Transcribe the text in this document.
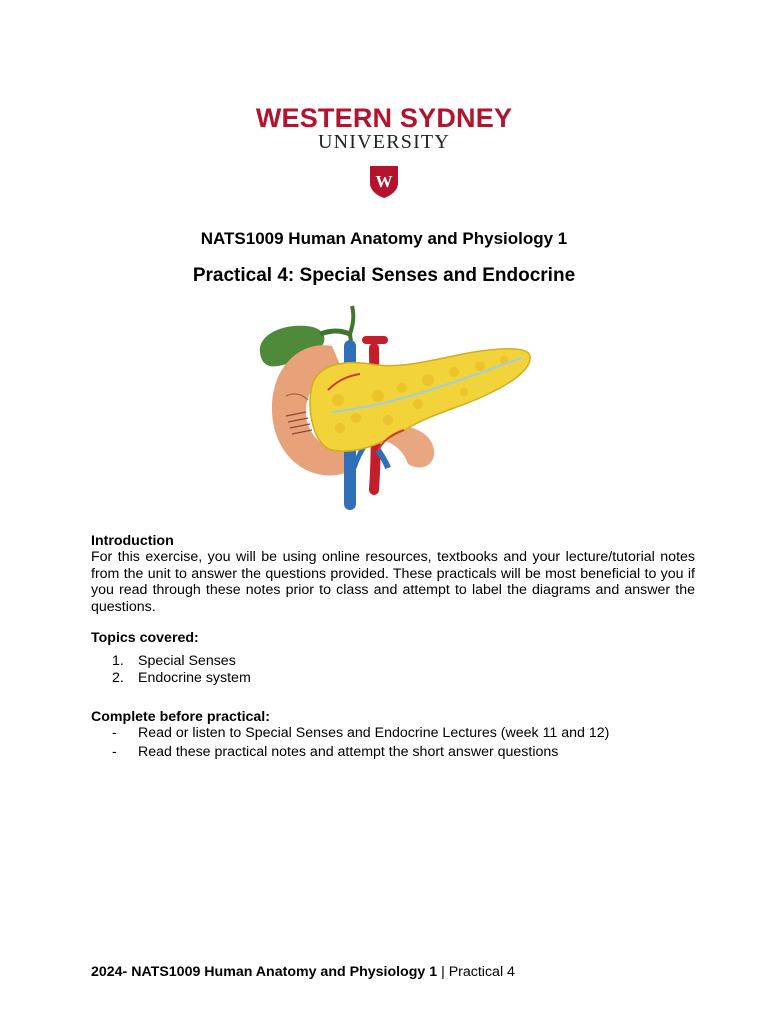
WESTERN SYDNEY
UNIVERSITY
W
NATS1009 Human Anatomy and Physiology 1
Practical 4: Special Senses and Endocrine
Introduction
For this exercise, you will be using online resources, textbooks and your lecture/tutorial notes from the unit to answer the questions provided. These practicals will be most beneficial to you if you read through these notes prior to class and attempt to label the diagrams and answer the questions.
Topics covered:
1. Special Senses
2. Endocrine system
Complete before practical:
-	Read or listen to Special Senses and Endocrine Lectures (week 11 and 12)
-	Read these practical notes and attempt the short answer questions
2024- NATS1009 Human Anatomy and Physiology 1 | Practical 4
